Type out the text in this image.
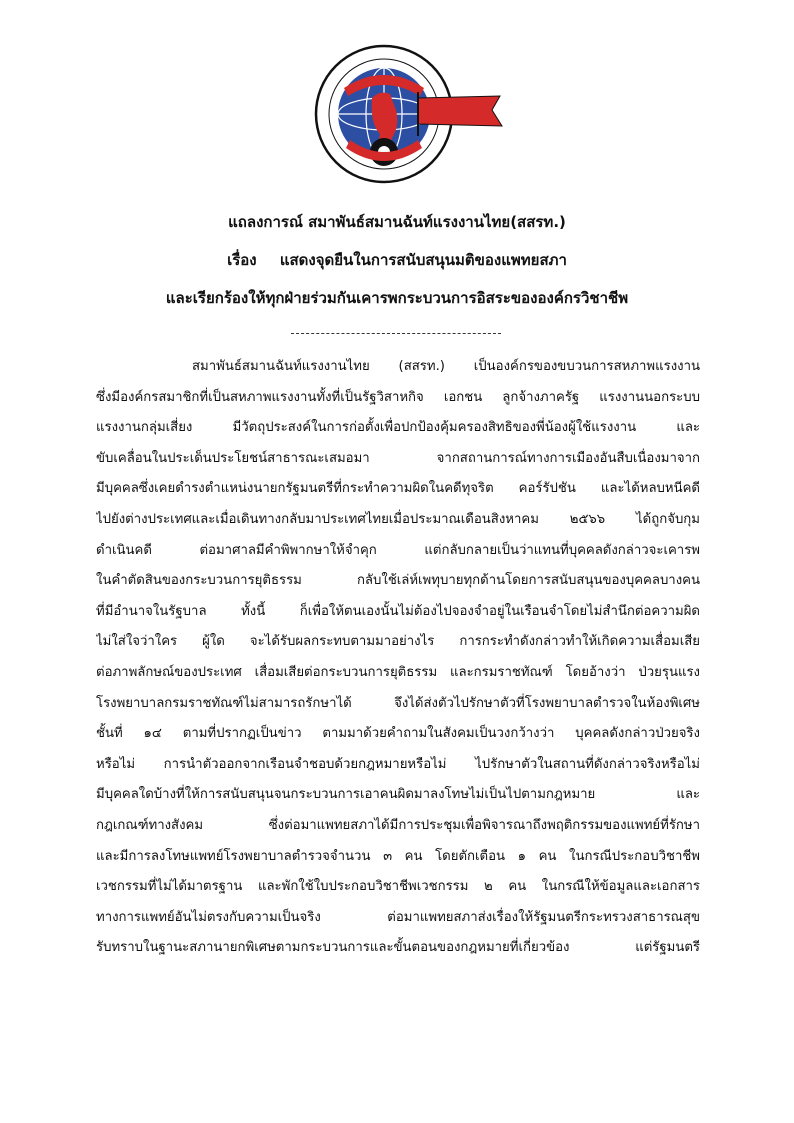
แถลงการณ์ สมาพันธ์สมานฉันท์แรงงานไทย(สสรท.)
เรื่อง แสดงจุดยืนในการสนับสนุนมติของแพทยสภา
และเรียกร้องให้ทุกฝ่ายร่วมกันเคารพกระบวนการอิสระขององค์กรวิชาชีพ
สมาพันธ์สมานฉันท์แรงงานไทย (สสรท.) เป็นองค์กรของขบวนการสหภาพแรงงาน
ซึ่งมีองค์กรสมาชิกที่เป็นสหภาพแรงงานทั้งที่เป็นรัฐวิสาหกิจ เอกชน ลูกจ้างภาครัฐ แรงงานนอกระบบ
แรงงานกลุ่มเสี่ยง มีวัตถุประสงค์ในการก่อตั้งเพื่อปกป้องคุ้มครองสิทธิของพี่น้องผู้ใช้แรงงาน และ
ขับเคลื่อนในประเด็นประโยชน์สาธารณะเสมอมา จากสถานการณ์ทางการเมืองอันสืบเนื่องมาจาก
มีบุคคลซึ่งเคยดำรงตำแหน่งนายกรัฐมนตรีที่กระทำความผิดในคดีทุจริต คอร์รัปชัน และได้หลบหนีคดี
ไปยังต่างประเทศและเมื่อเดินทางกลับมาประเทศไทยเมื่อประมาณเดือนสิงหาคม ๒๕๖๖ ได้ถูกจับกุม
ดำเนินคดี ต่อมาศาลมีคำพิพากษาให้จำคุก แต่กลับกลายเป็นว่าแทนที่บุคคลดังกล่าวจะเคารพ
ในคำตัดสินของกระบวนการยุติธรรม กลับใช้เล่ห์เพทุบายทุกด้านโดยการสนับสนุนของบุคคลบางคน
ที่มีอำนาจในรัฐบาล ทั้งนี้ ก็เพื่อให้ตนเองนั้นไม่ต้องไปจองจำอยู่ในเรือนจำโดยไม่สำนึกต่อความผิด
ไม่ใส่ใจว่าใคร ผู้ใด จะได้รับผลกระทบตามมาอย่างไร การกระทำดังกล่าวทำให้เกิดความเสื่อมเสีย
ต่อภาพลักษณ์ของประเทศ เสื่อมเสียต่อกระบวนการยุติธรรม และกรมราชทัณฑ์ โดยอ้างว่า ป่วยรุนแรง
โรงพยาบาลกรมราชทัณฑ์ไม่สามารถรักษาได้ จึงได้ส่งตัวไปรักษาตัวที่โรงพยาบาลตำรวจในห้องพิเศษ
ชั้นที่ ๑๔ ตามที่ปรากฏเป็นข่าว ตามมาด้วยคำถามในสังคมเป็นวงกว้างว่า บุคคลดังกล่าวป่วยจริง
หรือไม่ การนำตัวออกจากเรือนจำชอบด้วยกฎหมายหรือไม่ ไปรักษาตัวในสถานที่ดังกล่าวจริงหรือไม่
มีบุคคลใดบ้างที่ให้การสนับสนุนจนกระบวนการเอาคนผิดมาลงโทษไม่เป็นไปตามกฎหมาย และ
กฎเกณฑ์ทางสังคม ซึ่งต่อมาแพทยสภาได้มีการประชุมเพื่อพิจารณาถึงพฤติกรรมของแพทย์ที่รักษา
และมีการลงโทษแพทย์โรงพยาบาลตำรวจจำนวน ๓ คน โดยตักเตือน ๑ คน ในกรณีประกอบวิชาชีพ
เวชกรรมที่ไม่ได้มาตรฐาน และพักใช้ใบประกอบวิชาชีพเวชกรรม ๒ คน ในกรณีให้ข้อมูลและเอกสาร
ทางการแพทย์อันไม่ตรงกับความเป็นจริง ต่อมาแพทยสภาส่งเรื่องให้รัฐมนตรีกระทรวงสาธารณสุข
รับทราบในฐานะสภานายกพิเศษตามกระบวนการและขั้นตอนของกฎหมายที่เกี่ยวข้อง แต่รัฐมนตรี
